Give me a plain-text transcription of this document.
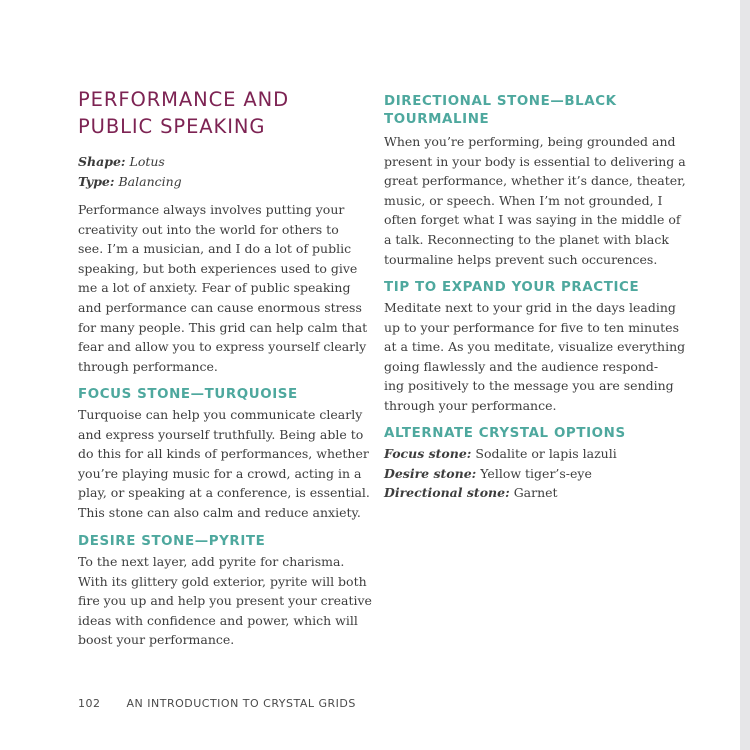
PERFORMANCE AND
PUBLIC SPEAKING
Shape: Lotus
Type: Balancing

Performance always involves putting your
creativity out into the world for others to
see. I’m a musician, and I do a lot of public
speaking, but both experiences used to give
me a lot of anxiety. Fear of public speaking
and performance can cause enormous stress
for many people. This grid can help calm that
fear and allow you to express yourself clearly
through performance.

FOCUS STONE—TURQUOISE

Turquoise can help you communicate clearly
and express yourself truthfully. Being able to
do this for all kinds of performances, whether
you’re playing music for a crowd, acting in a
play, or speaking at a conference, is essential.
This stone can also calm and reduce anxiety.

DESIRE STONE—PYRITE

To the next layer, add pyrite for charisma.
With its glittery gold exterior, pyrite will both
fire you up and help you present your creative
ideas with confidence and power, which will
boost your performance.

DIRECTIONAL STONE—BLACK
TOURMALINE

When you’re performing, being grounded and
present in your body is essential to delivering a
great performance, whether it’s dance, theater,
music, or speech. When I’m not grounded, I
often forget what I was saying in the middle of
a talk. Reconnecting to the planet with black
tourmaline helps prevent such occurences.

TIP TO EXPAND YOUR PRACTICE

Meditate next to your grid in the days leading
up to your performance for five to ten minutes
at a time. As you meditate, visualize everything
going flawlessly and the audience respond-
ing positively to the message you are sending
through your performance.

ALTERNATE CRYSTAL OPTIONS
Focus stone: Sodalite or lapis lazuli
Desire stone: Yellow tiger’s-eye
Directional stone: Garnet
102 AN INTRODUCTION TO CRYSTAL GRIDS
